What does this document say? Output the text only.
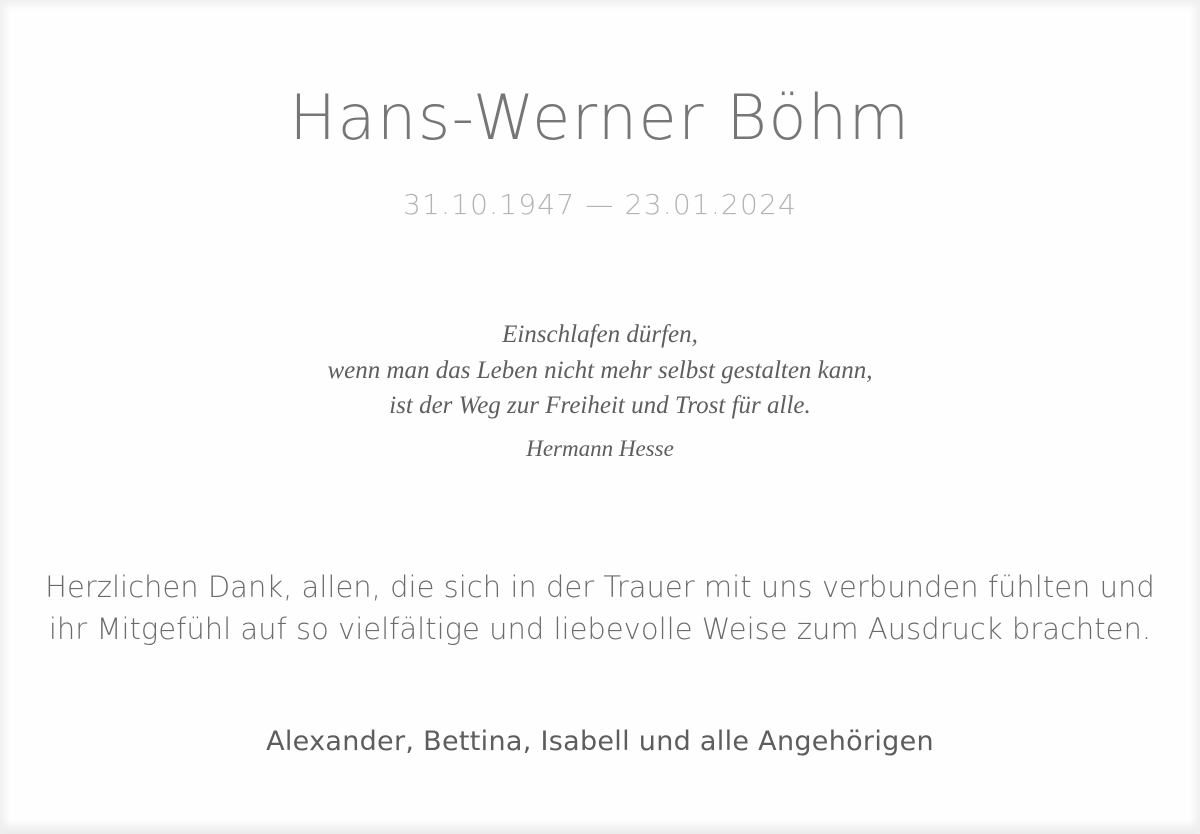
Hans-Werner Böhm
31.10.1947 — 23.01.2024
Einschlafen dürfen,
wenn man das Leben nicht mehr selbst gestalten kann,
ist der Weg zur Freiheit und Trost für alle.
Hermann Hesse
Herzlichen Dank, allen, die sich in der Trauer mit uns verbunden fühlten und
ihr Mitgefühl auf so vielfältige und liebevolle Weise zum Ausdruck brachten.
Alexander, Bettina, Isabell und alle Angehörigen
